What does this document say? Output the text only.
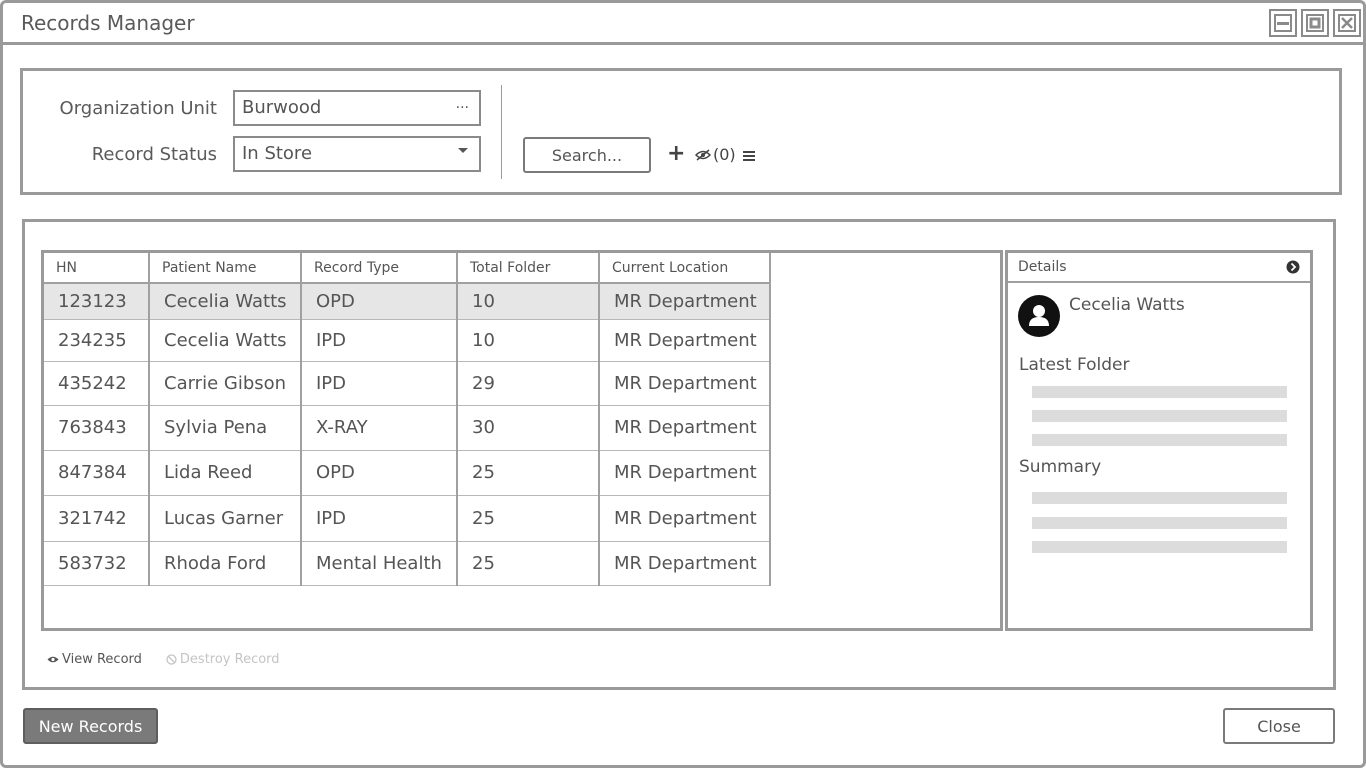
Records Manager
Organization Unit	Burwood	···
Record Status	In Store	Search...	+ (0)
HN	Patient Name	Record Type	Total Folder	Current Location
123123	Cecelia Watts	OPD	10	MR Department
234235	Cecelia Watts	IPD	10	MR Department
435242	Carrie Gibson	IPD	29	MR Department
763843	Sylvia Pena	X-RAY	30	MR Department
847384	Lida Reed	OPD	25	MR Department
321742	Lucas Garner	IPD	25	MR Department
583732	Rhoda Ford	Mental Health	25	MR Department
Details
Cecelia Watts
Latest Folder
Summary
View Record	Destroy Record
New Records	Close
